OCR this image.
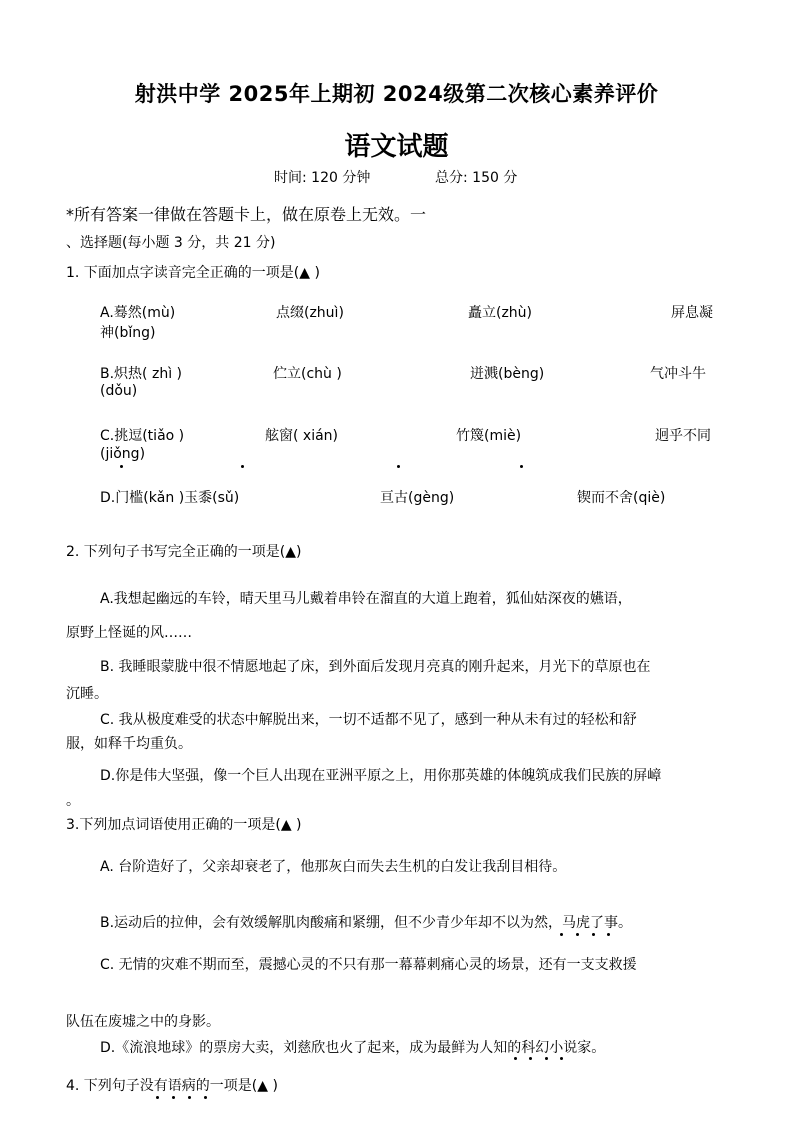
射洪中学 2025年上期初 2024级第二次核心素养评价
语文试题
时间: 120 分钟	总分: 150 分
*所有答案一律做在答题卡上，做在原卷上无效。一
、选择题(每小题 3 分，共 21 分)
1. 下面加点字读音完全正确的一项是(▲ )
A.蓦然(mù)	点缀(zhuì)	矗立(zhù)	屏息凝
神(bǐng)
B.炽热( zhì )	伫立(chù )	迸溅(bèng)	气冲斗牛
(dǒu)
C.挑逗(tiǎo )	舷窗( xián)	竹篾(miè)	迥乎不同
(jiǒng)
D.门槛(kǎn )玉黍(sǔ)	亘古(gèng)	锲而不舍(qiè)
2. 下列句子书写完全正确的一项是(▲)
A.我想起幽远的车铃，晴天里马儿戴着串铃在溜直的大道上跑着，狐仙姑深夜的嬿语，
原野上怪诞的风……
B. 我睡眼蒙胧中很不情愿地起了床，到外面后发现月亮真的刚升起来，月光下的草原也在
沉睡。
C. 我从极度难受的状态中解脱出来，一切不适都不见了，感到一种从未有过的轻松和舒
服，如释千均重负。
D.你是伟大坚强，像一个巨人出现在亚洲平原之上，用你那英雄的体魄筑成我们民族的屏嶂
。
3.下列加点词语使用正确的一项是(▲ )
A. 台阶造好了，父亲却衰老了，他那灰白而失去生机的白发让我刮目相待。
B.运动后的拉伸，会有效缓解肌肉酸痛和紧绷，但不少青少年却不以为然，马虎了事。
C. 无情的灾难不期而至，震撼心灵的不只有那一幕幕刺痛心灵的场景，还有一支支救援
队伍在废墟之中的身影。
D.《流浪地球》的票房大卖，刘慈欣也火了起来，成为最鲜为人知的科幻小说家。
4. 下列句子没有语病的一项是(▲ )
